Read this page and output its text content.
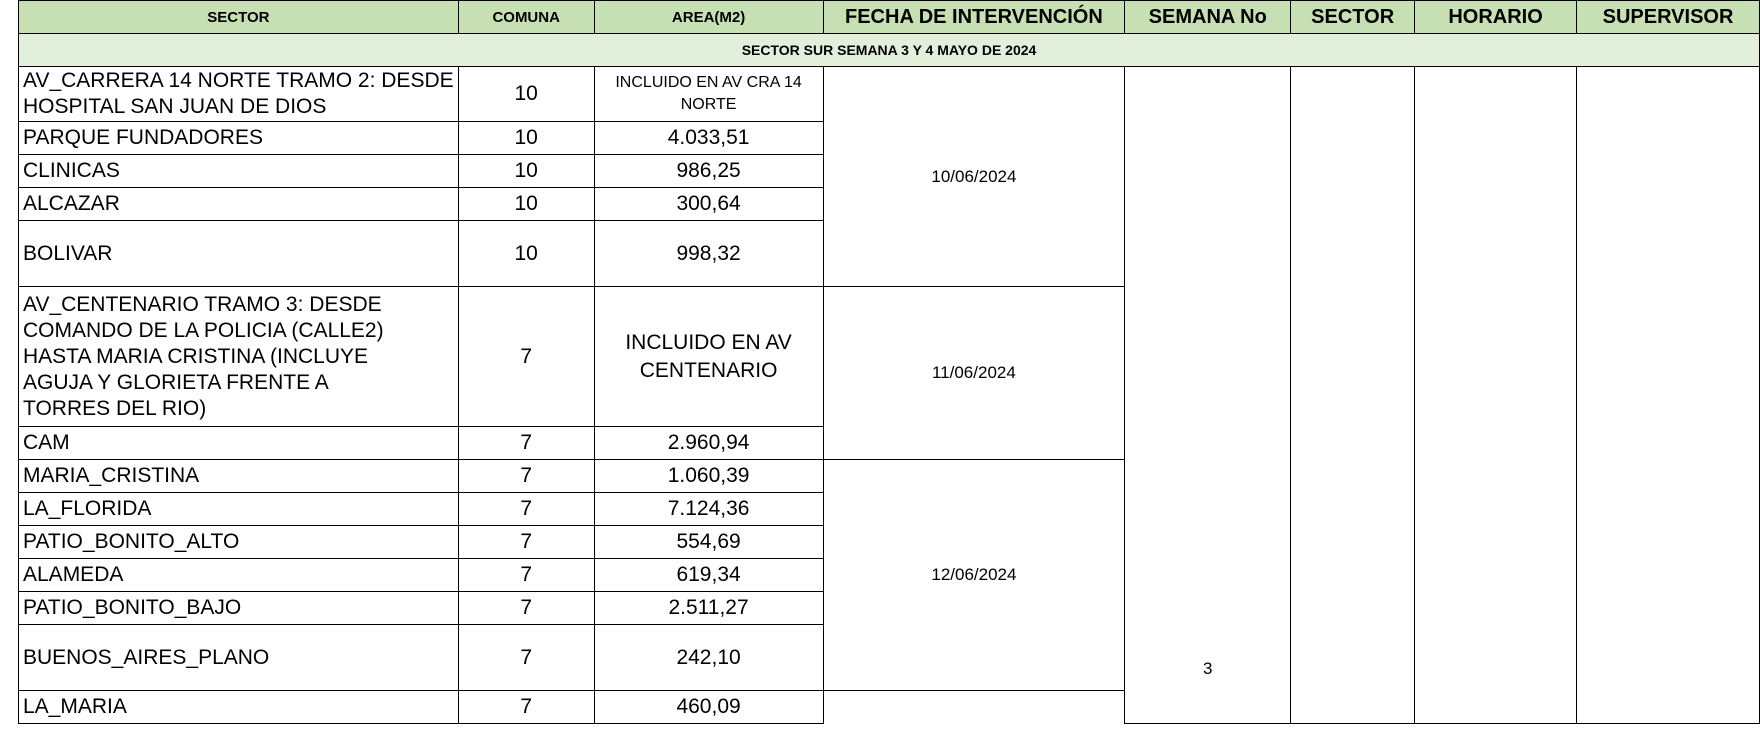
SECTOR	COMUNA	AREA(M2)	FECHA DE INTERVENCIÓN	SEMANA No	SECTOR	HORARIO	SUPERVISOR
SECTOR SUR SEMANA 3 Y 4 MAYO DE 2024							
AV_CARRERA 14 NORTE TRAMO 2: DESDE HOSPITAL SAN JUAN DE DIOS	10	INCLUIDO EN AV CRA 14 NORTE	10/06/2024	3			
PARQUE FUNDADORES	10	4.033,51					
CLINICAS	10	986,25					
ALCAZAR	10	300,64					
BOLIVAR	10	998,32					
AV_CENTENARIO TRAMO 3: DESDE COMANDO DE LA POLICIA (CALLE2) HASTA MARIA CRISTINA (INCLUYE AGUJA Y GLORIETA FRENTE A TORRES DEL RIO)	7	INCLUIDO EN AV CENTENARIO	11/06/2024				
CAM	7	2.960,94					
MARIA_CRISTINA	7	1.060,39	12/06/2024				
LA_FLORIDA	7	7.124,36					
PATIO_BONITO_ALTO	7	554,69					
ALAMEDA	7	619,34					
PATIO_BONITO_BAJO	7	2.511,27					
BUENOS_AIRES_PLANO	7	242,10					
LA_MARIA	7	460,09					
